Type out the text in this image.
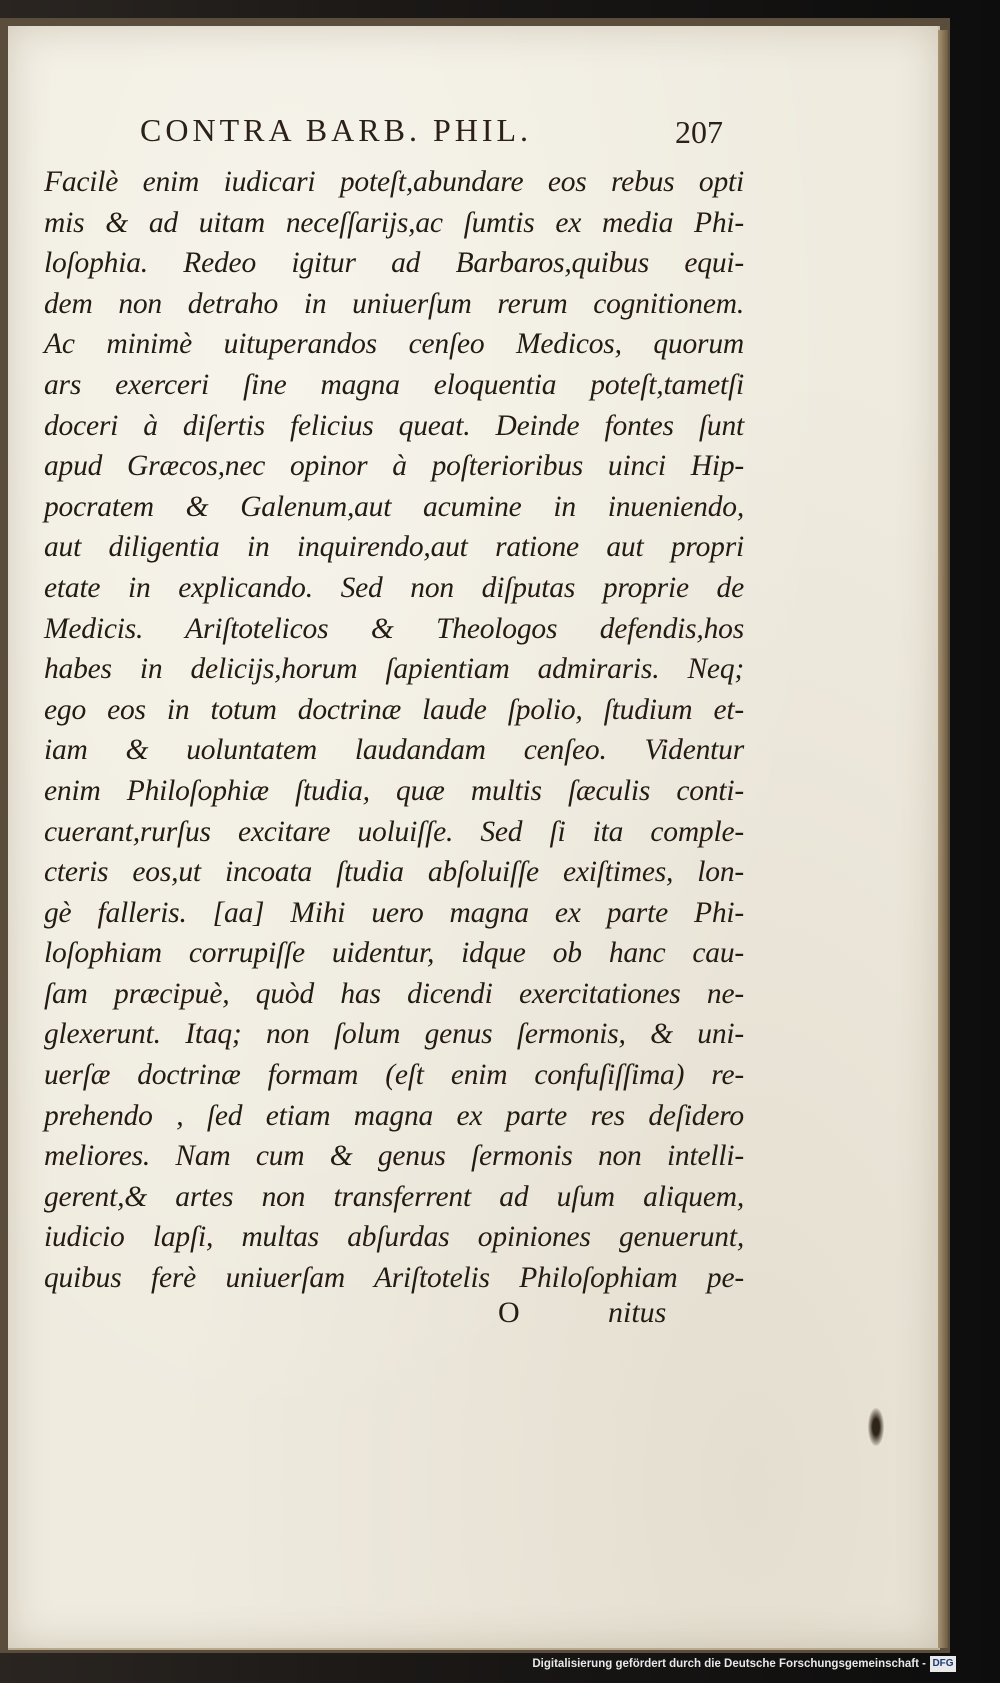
CONTRA BARB. PHIL.	207
Facilè enim iudicari poteſt,abundare eos rebus opti
mis & ad uitam neceſſarijs,ac ſumtis ex media Phi-
loſophia. Redeo igitur ad Barbaros,quibus equi-
dem non detraho in uniuerſum rerum cognitionem.
Ac minimè uituperandos cenſeo Medicos, quorum
ars exerceri ſine magna eloquentia poteſt,tametſi
doceri à diſertis felicius queat. Deinde fontes ſunt
apud Græcos,nec opinor à poſterioribus uinci Hip-
pocratem & Galenum,aut acumine in inueniendo,
aut diligentia in inquirendo,aut ratione aut propri
etate in explicando. Sed non diſputas proprie de
Medicis. Ariſtotelicos & Theologos defendis,hos
habes in delicijs,horum ſapientiam admiraris. Neq;
ego eos in totum doctrinæ laude ſpolio, ſtudium et-
iam & uoluntatem laudandam cenſeo. Videntur
enim Philoſophiæ ſtudia, quæ multis ſæculis conti-
cuerant,rurſus excitare uoluiſſe. Sed ſi ita comple-
cteris eos,ut incoata ſtudia abſoluiſſe exiſtimes, lon-
gè falleris. [aa] Mihi uero magna ex parte Phi-
loſophiam corrupiſſe uidentur, idque ob hanc cau-
ſam præcipuè, quòd has dicendi exercitationes ne-
glexerunt. Itaq; non ſolum genus ſermonis, & uni-
uerſæ doctrinæ formam (eſt enim confuſiſſima) re-
prehendo , ſed etiam magna ex parte res deſidero
meliores. Nam cum & genus ſermonis non intelli-
gerent,& artes non transferrent ad uſum aliquem,
iudicio lapſi, multas abſurdas opiniones genuerunt,
quibus ferè uniuerſam Ariſtotelis Philoſophiam pe-
O	nitus
Digitalisierung gefördert durch die Deutsche Forschungsgemeinschaft - DFG
